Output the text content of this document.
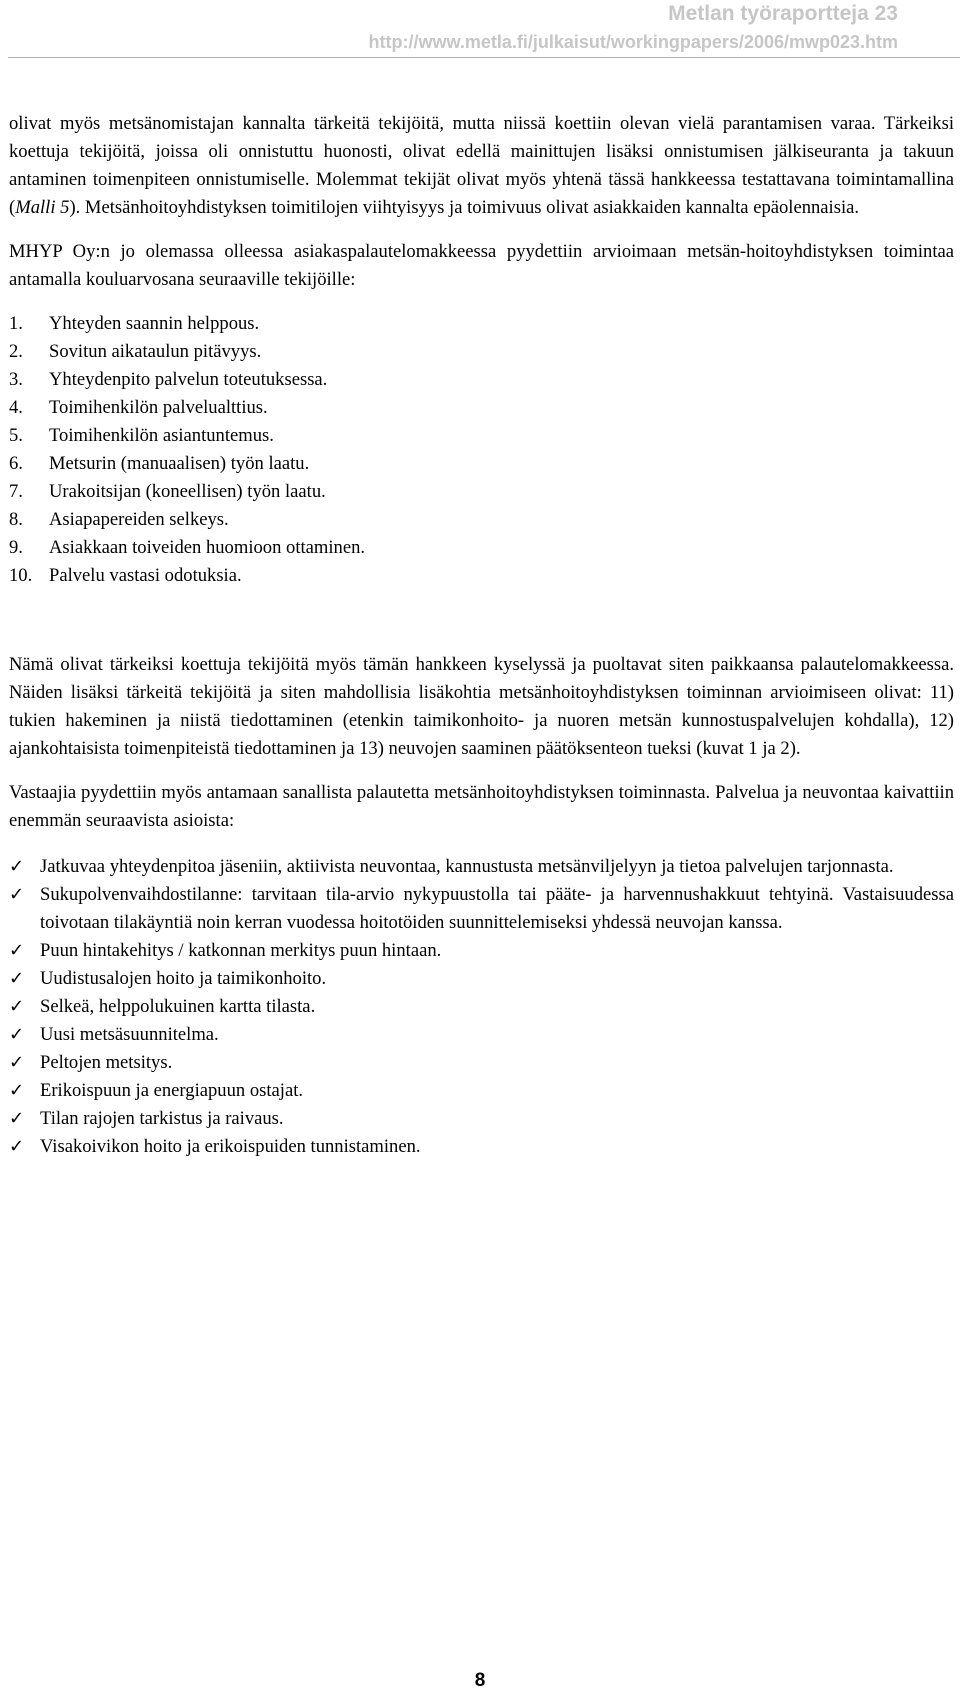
Metlan työraportteja 23
http://www.metla.fi/julkaisut/workingpapers/2006/mwp023.htm

olivat myös metsänomistajan kannalta tärkeitä tekijöitä, mutta niissä koettiin olevan vielä parantamisen varaa. Tärkeiksi koettuja tekijöitä, joissa oli onnistuttu huonosti, olivat edellä mainittujen lisäksi onnistumisen jälkiseuranta ja takuun antaminen toimenpiteen onnistumiselle. Molemmat tekijät olivat myös yhtenä tässä hankkeessa testattavana toimintamallina (Malli 5). Metsänhoitoyhdistyksen toimitilojen viihtyisyys ja toimivuus olivat asiakkaiden kannalta epäolennaisia.

MHYP Oy:n jo olemassa olleessa asiakaspalautelomakkeessa pyydettiin arvioimaan metsän-hoitoyhdistyksen toimintaa antamalla kouluarvosana seuraaville tekijöille:

1.	Yhteyden saannin helppous.
2.	Sovitun aikataulun pitävyys.
3.	Yhteydenpito palvelun toteutuksessa.
4.	Toimihenkilön palvelualttius.
5.	Toimihenkilön asiantuntemus.
6.	Metsurin (manuaalisen) työn laatu.
7.	Urakoitsijan (koneellisen) työn laatu.
8.	Asiapapereiden selkeys.
9.	Asiakkaan toiveiden huomioon ottaminen.
10. Palvelu vastasi odotuksia.

Nämä olivat tärkeiksi koettuja tekijöitä myös tämän hankkeen kyselyssä ja puoltavat siten paikkaansa palautelomakkeessa. Näiden lisäksi tärkeitä tekijöitä ja siten mahdollisia lisäkohtia metsänhoitoyhdistyksen toiminnan arvioimiseen olivat: 11) tukien hakeminen ja niistä tiedottaminen (etenkin taimikonhoito- ja nuoren metsän kunnostuspalvelujen kohdalla), 12) ajankohtaisista toimenpiteistä tiedottaminen ja 13) neuvojen saaminen päätöksenteon tueksi (kuvat 1 ja 2).

Vastaajia pyydettiin myös antamaan sanallista palautetta metsänhoitoyhdistyksen toiminnasta. Palvelua ja neuvontaa kaivattiin enemmän seuraavista asioista:

✓ Jatkuvaa yhteydenpitoa jäseniin, aktiivista neuvontaa, kannustusta metsänviljelyyn ja tietoa palvelujen tarjonnasta.
✓ Sukupolvenvaihdostilanne: tarvitaan tila-arvio nykypuustolla tai pääte- ja harvennushakkuut tehtyinä. Vastaisuudessa toivotaan tilakäyntiä noin kerran vuodessa hoitotöiden suunnittelemiseksi yhdessä neuvojan kanssa.
✓ Puun hintakehitys / katkonnan merkitys puun hintaan.
✓ Uudistusalojen hoito ja taimikonhoito.
✓ Selkeä, helppolukuinen kartta tilasta.
✓ Uusi metsäsuunnitelma.
✓ Peltojen metsitys.
✓ Erikoispuun ja energiapuun ostajat.
✓ Tilan rajojen tarkistus ja raivaus.
✓ Visakoivikon hoito ja erikoispuiden tunnistaminen.
8
